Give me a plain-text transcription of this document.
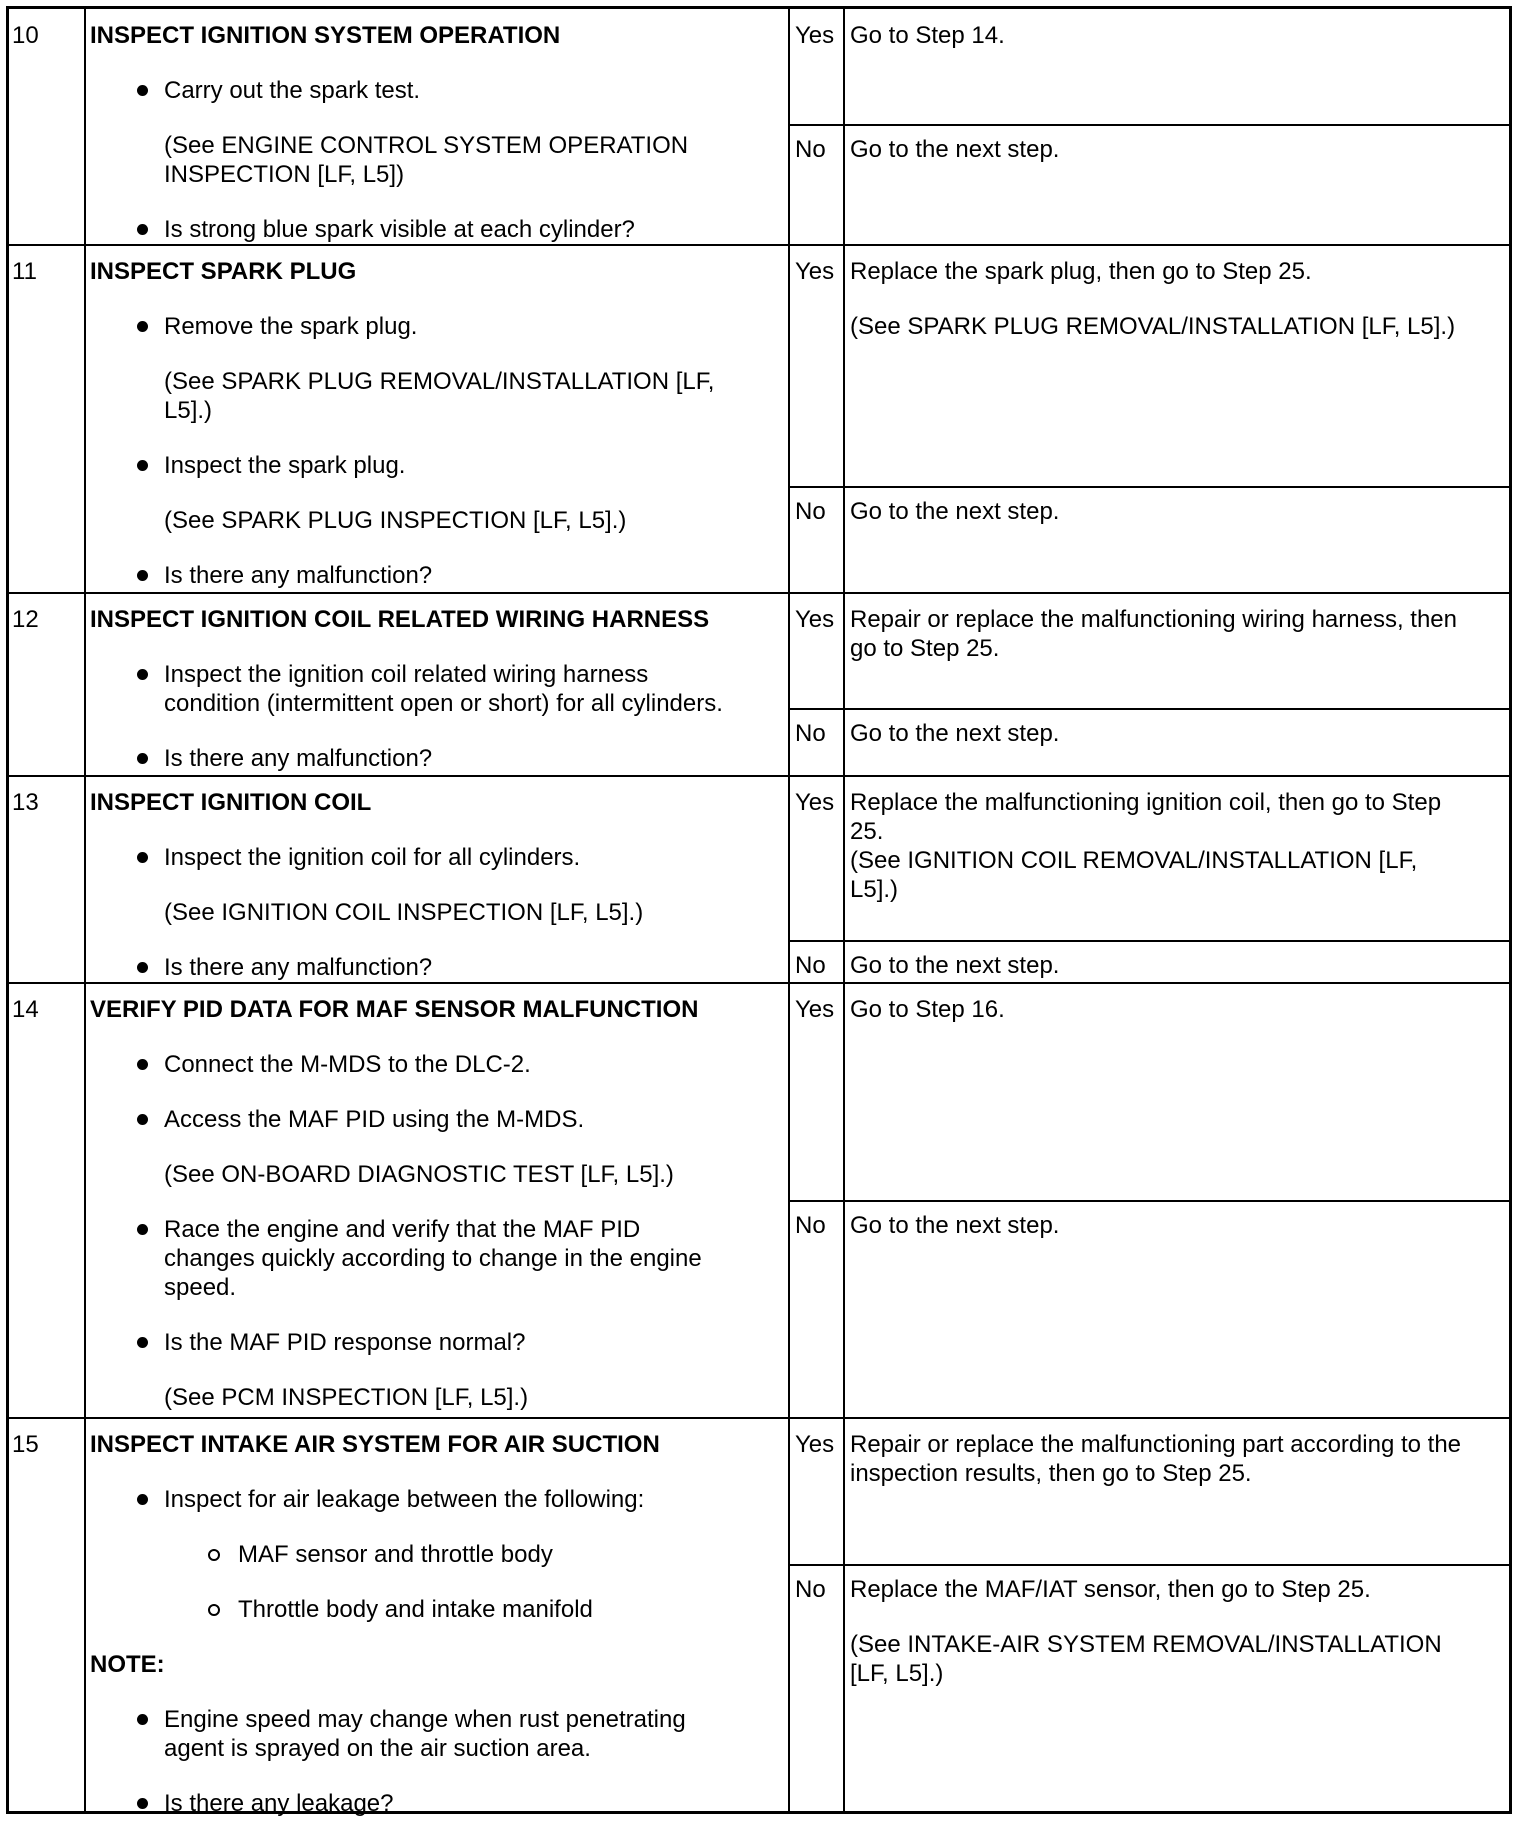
10 INSPECT IGNITION SYSTEM OPERATION
Carry out the spark test.
(See ENGINE CONTROL SYSTEM OPERATION
INSPECTION [LF, L5])
Is strong blue spark visible at each cylinder?
Yes Go to Step 14.
No Go to the next step.
11 INSPECT SPARK PLUG
Remove the spark plug.
(See SPARK PLUG REMOVAL/INSTALLATION [LF,
L5].)
Inspect the spark plug.
(See SPARK PLUG INSPECTION [LF, L5].)
Is there any malfunction?
Yes Replace the spark plug, then go to Step 25.
(See SPARK PLUG REMOVAL/INSTALLATION [LF, L5].)
No Go to the next step.
12 INSPECT IGNITION COIL RELATED WIRING HARNESS
Inspect the ignition coil related wiring harness
condition (intermittent open or short) for all cylinders.
Is there any malfunction?
Yes Repair or replace the malfunctioning wiring harness, then
go to Step 25.
No Go to the next step.
13 INSPECT IGNITION COIL
Inspect the ignition coil for all cylinders.
(See IGNITION COIL INSPECTION [LF, L5].)
Is there any malfunction?
Yes Replace the malfunctioning ignition coil, then go to Step
25.
(See IGNITION COIL REMOVAL/INSTALLATION [LF,
L5].)
No Go to the next step.
14 VERIFY PID DATA FOR MAF SENSOR MALFUNCTION
Connect the M-MDS to the DLC-2.
Access the MAF PID using the M-MDS.
(See ON-BOARD DIAGNOSTIC TEST [LF, L5].)
Race the engine and verify that the MAF PID
changes quickly according to change in the engine
speed.
Is the MAF PID response normal?
(See PCM INSPECTION [LF, L5].)
Yes Go to Step 16.
No Go to the next step.
15 INSPECT INTAKE AIR SYSTEM FOR AIR SUCTION
Inspect for air leakage between the following:
MAF sensor and throttle body
Throttle body and intake manifold
NOTE:
Engine speed may change when rust penetrating
agent is sprayed on the air suction area.
Is there any leakage?
Yes Repair or replace the malfunctioning part according to the
inspection results, then go to Step 25.
No Replace the MAF/IAT sensor, then go to Step 25.
(See INTAKE-AIR SYSTEM REMOVAL/INSTALLATION
[LF, L5].)
